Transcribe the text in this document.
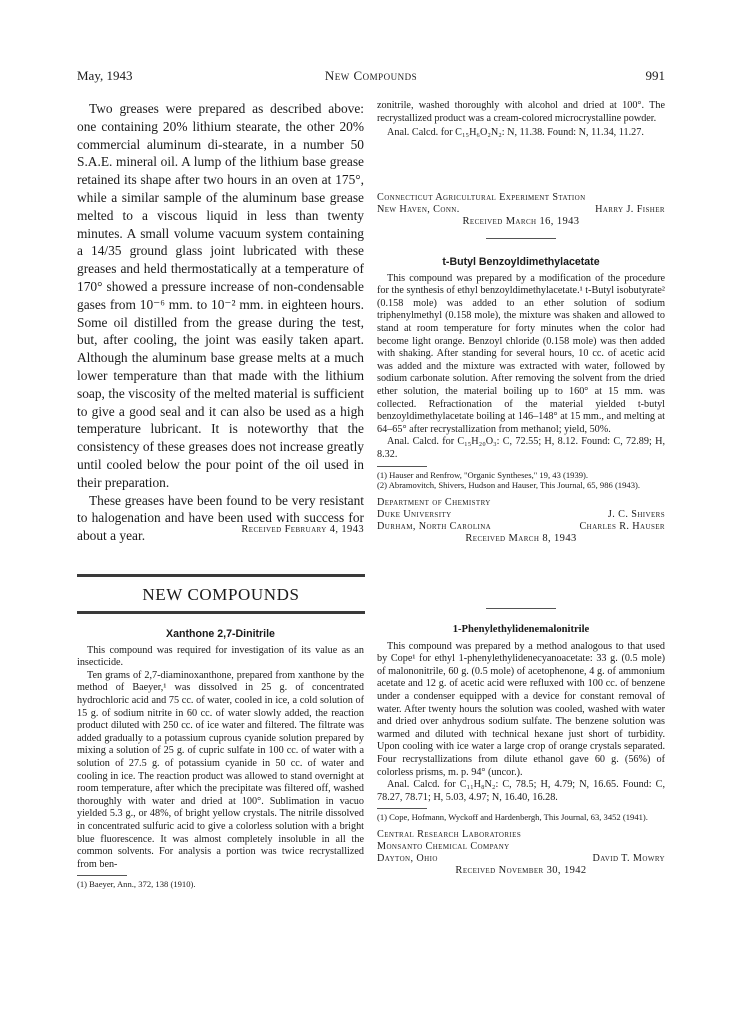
May, 1943	New Compounds	991

Two greases were prepared as described above: one containing 20% lithium stearate, the other 20% commercial aluminum di-stearate, in a number 50 S.A.E. mineral oil. A lump of the lithium base grease retained its shape after two hours in an oven at 175°, while a similar sample of the aluminum base grease melted to a viscous liquid in less than twenty minutes. A small volume vacuum system containing a 14/35 ground glass joint lubricated with these greases and held thermostatically at a temperature of 170° showed a pressure increase of non-condensable gases from 10⁻⁶ mm. to 10⁻² mm. in eighteen hours. Some oil distilled from the grease during the test, but, after cooling, the joint was easily taken apart. Although the aluminum base grease melts at a much lower temperature than that made with the lithium soap, the viscosity of the melted material is sufficient to give a good seal and it can also be used as a high temperature lubricant. It is noteworthy that the consistency of these greases does not increase greatly until cooled below the pour point of the oil used in their preparation.

These greases have been found to be very resistant to halogenation and have been used with success for about a year.	Received February 4, 1943
NEW COMPOUNDS
Xanthone 2,7-Dinitrile

This compound was required for investigation of its value as an insecticide.

Ten grams of 2,7-diaminoxanthone, prepared from xanthone by the method of Baeyer,¹ was dissolved in 25 g. of concentrated hydrochloric acid and 75 cc. of water, cooled in ice, a cold solution of 15 g. of sodium nitrite in 60 cc. of water slowly added, the reaction product diluted with 250 cc. of ice water and filtered. The filtrate was added gradually to a potassium cuprous cyanide solution prepared by mixing a solution of 25 g. of cupric sulfate in 100 cc. of water with a solution of 27.5 g. of potassium cyanide in 50 cc. of water and cooling in ice. The reaction product was allowed to stand overnight at room temperature, after which the precipitate was filtered off, washed thoroughly with water and dried at 100°. Sublimation in vacuo yielded 5.3 g., or 48%, of bright yellow crystals. The nitrile dissolved in concentrated sulfuric acid to give a colorless solution with a bright blue fluorescence. It was almost completely insoluble in all the common solvents. For analysis a portion was twice recrystallized from ben-

(1) Baeyer, Ann., 372, 138 (1910).

zonitrile, washed thoroughly with alcohol and dried at 100°. The recrystallized product was a cream-colored microcrystalline powder.

Anal. Calcd. for C₁₅H₆O₂N₂: N, 11.38. Found: N, 11.34, 11.27.

Connecticut Agricultural Experiment Station
New Haven, Conn.	Harry J. Fisher
Received March 16, 1943
t-Butyl Benzoyldimethylacetate

This compound was prepared by a modification of the procedure for the synthesis of ethyl benzoyldimethylacetate.¹ t-Butyl isobutyrate² (0.158 mole) was added to an ether solution of sodium triphenylmethyl (0.158 mole), the mixture was shaken and allowed to stand at room temperature for forty minutes when the color had become light orange. Benzoyl chloride (0.158 mole) was then added with shaking. After standing for several hours, 10 cc. of acetic acid was added and the mixture was extracted with water, followed by sodium carbonate solution. After removing the solvent from the dried ether solution, the material boiling up to 160° at 15 mm. was collected. Refractionation of the material yielded t-butyl benzoyldimethylacetate boiling at 146–148° at 15 mm., and melting at 64–65° after recrystallization from methanol; yield, 50%.

Anal. Calcd. for C₁₅H₂₀O₃: C, 72.55; H, 8.12. Found: C, 72.89; H, 8.32.

(1) Hauser and Renfrow, "Organic Syntheses," 19, 43 (1939).
(2) Abramovitch, Shivers, Hudson and Hauser, This Journal, 65, 986 (1943).
Department of Chemistry
Duke University	J. C. Shivers
Durham, North Carolina	Charles R. Hauser
Received March 8, 1943
1-Phenylethylidenemalonitrile

This compound was prepared by a method analogous to that used by Cope¹ for ethyl 1-phenylethylidenecyanoacetate: 33 g. (0.5 mole) of malononitrile, 60 g. (0.5 mole) of acetophenone, 4 g. of ammonium acetate and 12 g. of acetic acid were refluxed with 100 cc. of benzene under a condenser equipped with a device for constant removal of water. After twenty hours the solution was cooled, washed with water and dried over anhydrous sodium sulfate. The benzene solution was warmed and diluted with technical hexane just short of turbidity. Upon cooling with ice water a large crop of orange crystals separated. Four recrystallizations from dilute ethanol gave 60 g. (56%) of colorless prisms, m. p. 94° (uncor.).

Anal. Calcd. for C₁₁H₈N₂: C, 78.5; H, 4.79; N, 16.65. Found: C, 78.27, 78.71; H, 5.03, 4.97; N, 16.40, 16.28.

(1) Cope, Hofmann, Wyckoff and Hardenbergh, This Journal, 63, 3452 (1941).
Central Research Laboratories
Monsanto Chemical Company
Dayton, Ohio	David T. Mowry
Received November 30, 1942
